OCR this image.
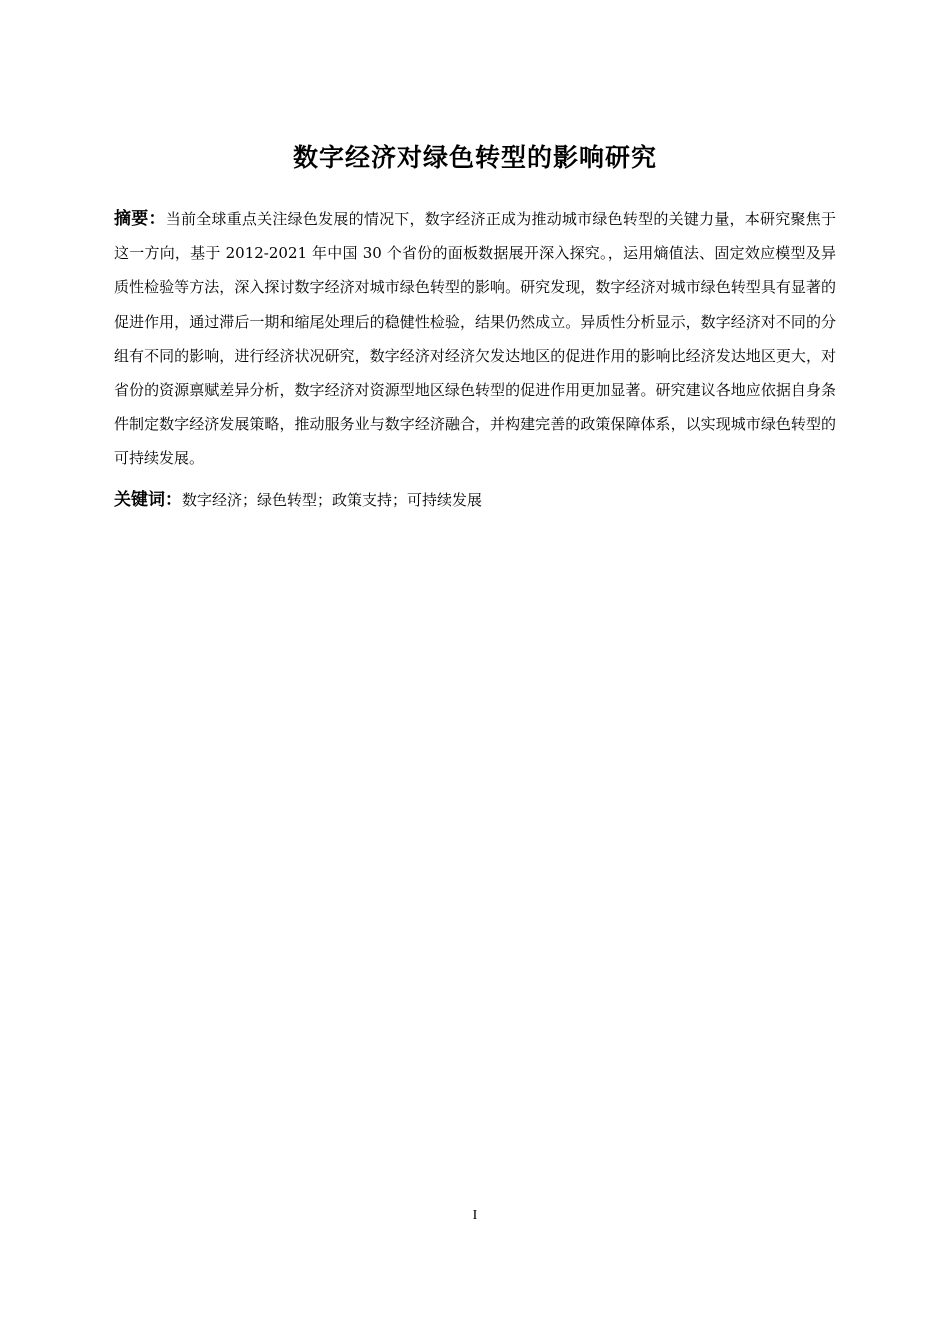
数字经济对绿色转型的影响研究

摘要：当前全球重点关注绿色发展的情况下，数字经济正成为推动城市绿色转型的关键力量，本研究聚焦于这一方向，基于 2012-2021 年中国 30 个省份的面板数据展开深入探究。，运用熵值法、固定效应模型及异质性检验等方法，深入探讨数字经济对城市绿色转型的影响。研究发现，数字经济对城市绿色转型具有显著的促进作用，通过滞后一期和缩尾处理后的稳健性检验，结果仍然成立。异质性分析显示，数字经济对不同的分组有不同的影响，进行经济状况研究，数字经济对经济欠发达地区的促进作用的影响比经济发达地区更大，对省份的资源禀赋差异分析，数字经济对资源型地区绿色转型的促进作用更加显著。研究建议各地应依据自身条件制定数字经济发展策略，推动服务业与数字经济融合，并构建完善的政策保障体系，以实现城市绿色转型的可持续发展。

关键词：数字经济；绿色转型；政策支持；可持续发展

I
